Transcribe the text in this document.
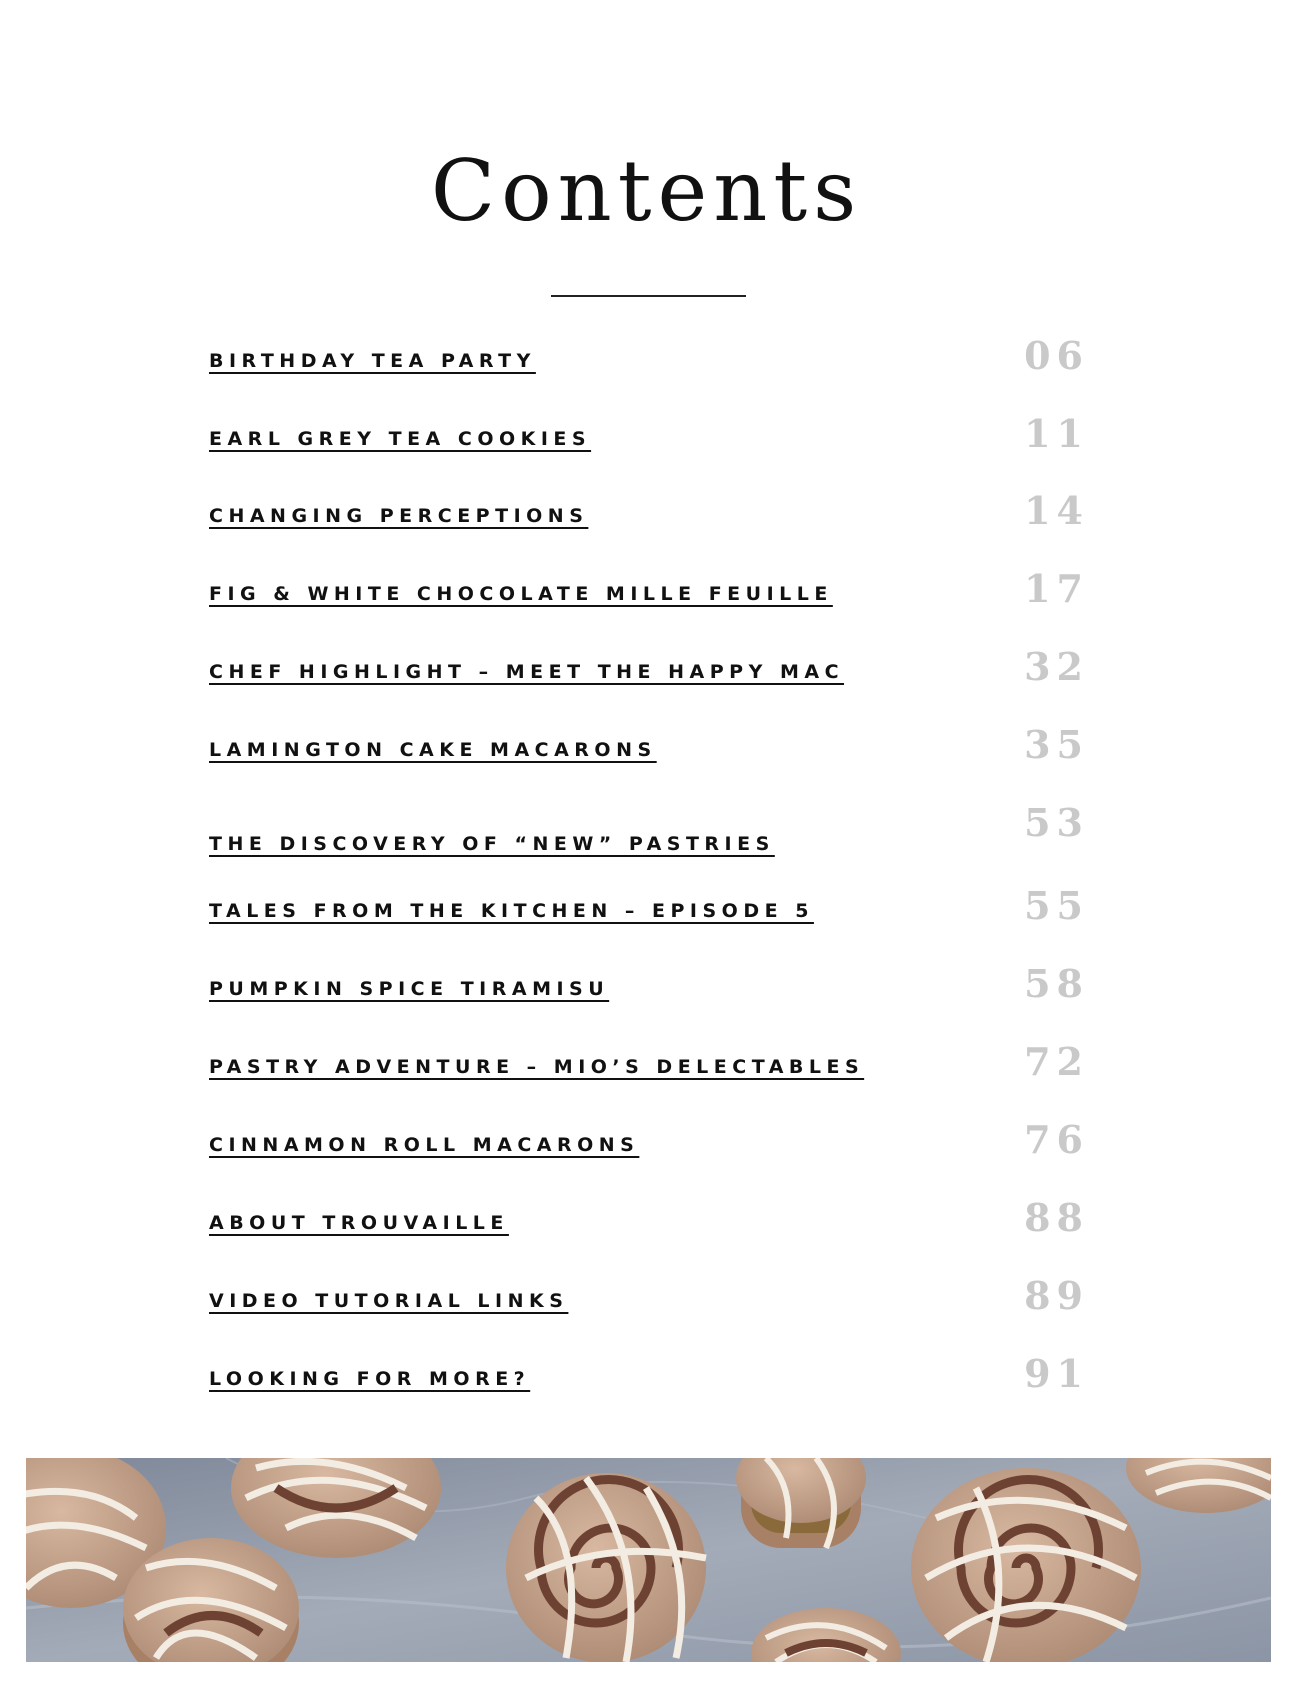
Contents
BIRTHDAY TEA PARTY	06
EARL GREY TEA COOKIES	11
CHANGING PERCEPTIONS	14
FIG & WHITE CHOCOLATE MILLE FEUILLE	17
CHEF HIGHLIGHT – MEET THE HAPPY MAC	32
LAMINGTON CAKE MACARONS	35
THE DISCOVERY OF “NEW” PASTRIES	53
TALES FROM THE KITCHEN – EPISODE 5	55
PUMPKIN SPICE TIRAMISU	58
PASTRY ADVENTURE – MIO’S DELECTABLES	72
CINNAMON ROLL MACARONS	76
ABOUT TROUVAILLE	88
VIDEO TUTORIAL LINKS	89
LOOKING FOR MORE?	91
